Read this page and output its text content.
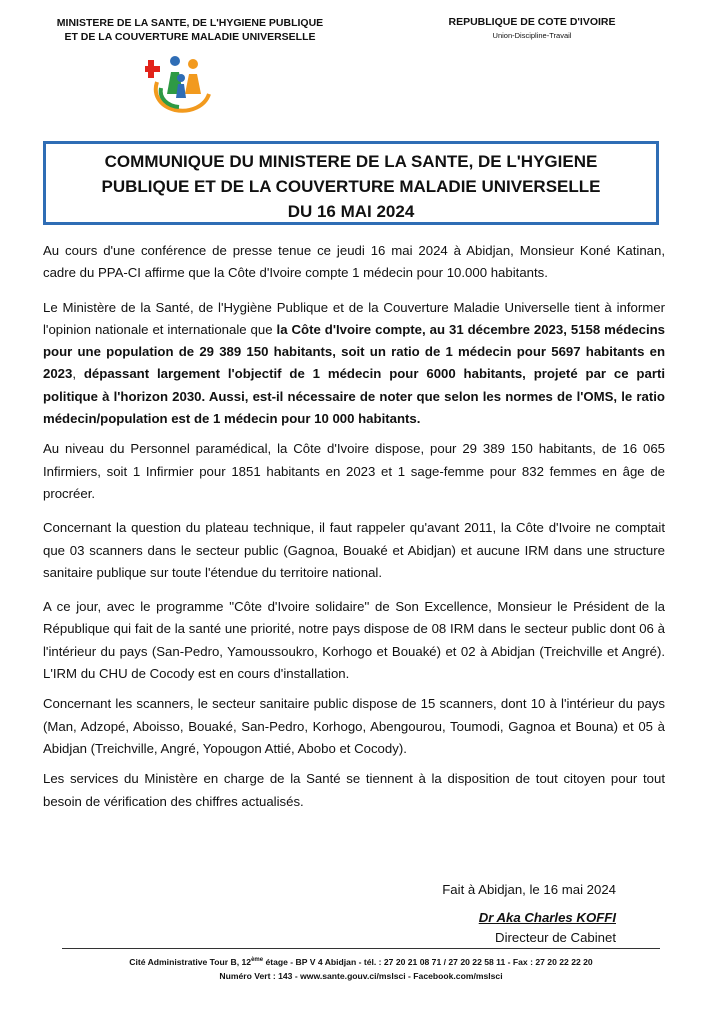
MINISTERE DE LA SANTE, DE L'HYGIENE PUBLIQUE
ET DE LA COUVERTURE MALADIE UNIVERSELLE
REPUBLIQUE DE COTE D'IVOIRE
Union-Discipline-Travail
COMMUNIQUE DU MINISTERE DE LA SANTE, DE L'HYGIENE
PUBLIQUE ET DE LA COUVERTURE MALADIE UNIVERSELLE
DU 16 MAI 2024

Au cours d'une conférence de presse tenue ce jeudi 16 mai 2024 à Abidjan, Monsieur Koné Katinan, cadre du PPA-CI affirme que la Côte d'Ivoire compte 1 médecin pour 10.000 habitants.

Le Ministère de la Santé, de l'Hygiène Publique et de la Couverture Maladie Universelle tient à informer l'opinion nationale et internationale que la Côte d'Ivoire compte, au 31 décembre 2023, 5158 médecins pour une population de 29 389 150 habitants, soit un ratio de 1 médecin pour 5697 habitants en 2023, dépassant largement l'objectif de 1 médecin pour 6000 habitants, projeté par ce parti politique à l'horizon 2030. Aussi, est-il nécessaire de noter que selon les normes de l'OMS, le ratio médecin/population est de 1 médecin pour 10 000 habitants.

Au niveau du Personnel paramédical, la Côte d'Ivoire dispose, pour 29 389 150 habitants, de 16 065 Infirmiers, soit 1 Infirmier pour 1851 habitants en 2023 et 1 sage-femme pour 832 femmes en âge de procréer.

Concernant la question du plateau technique, il faut rappeler qu'avant 2011, la Côte d'Ivoire ne comptait que 03 scanners dans le secteur public (Gagnoa, Bouaké et Abidjan) et aucune IRM dans une structure sanitaire publique sur toute l'étendue du territoire national.

A ce jour, avec le programme ''Côte d'Ivoire solidaire'' de Son Excellence, Monsieur le Président de la République qui fait de la santé une priorité, notre pays dispose de 08 IRM dans le secteur public dont 06 à l'intérieur du pays (San-Pedro, Yamoussoukro, Korhogo et Bouaké) et 02 à Abidjan (Treichville et Angré). L'IRM du CHU de Cocody est en cours d'installation.

Concernant les scanners, le secteur sanitaire public dispose de 15 scanners, dont 10 à l'intérieur du pays (Man, Adzopé, Aboisso, Bouaké, San-Pedro, Korhogo, Abengourou, Toumodi, Gagnoa et Bouna) et 05 à Abidjan (Treichville, Angré, Yopougon Attié, Abobo et Cocody).

Les services du Ministère en charge de la Santé se tiennent à la disposition de tout citoyen pour tout besoin de vérification des chiffres actualisés.

Fait à Abidjan, le 16 mai 2024
Dr Aka Charles KOFFI
Directeur de Cabinet
Cité Administrative Tour B, 12ème étage - BP V 4 Abidjan - tél. : 27 20 21 08 71 / 27 20 22 58 11 - Fax : 27 20 22 22 20
Numéro Vert : 143 - www.sante.gouv.ci/mslsci - Facebook.com/mslsci
